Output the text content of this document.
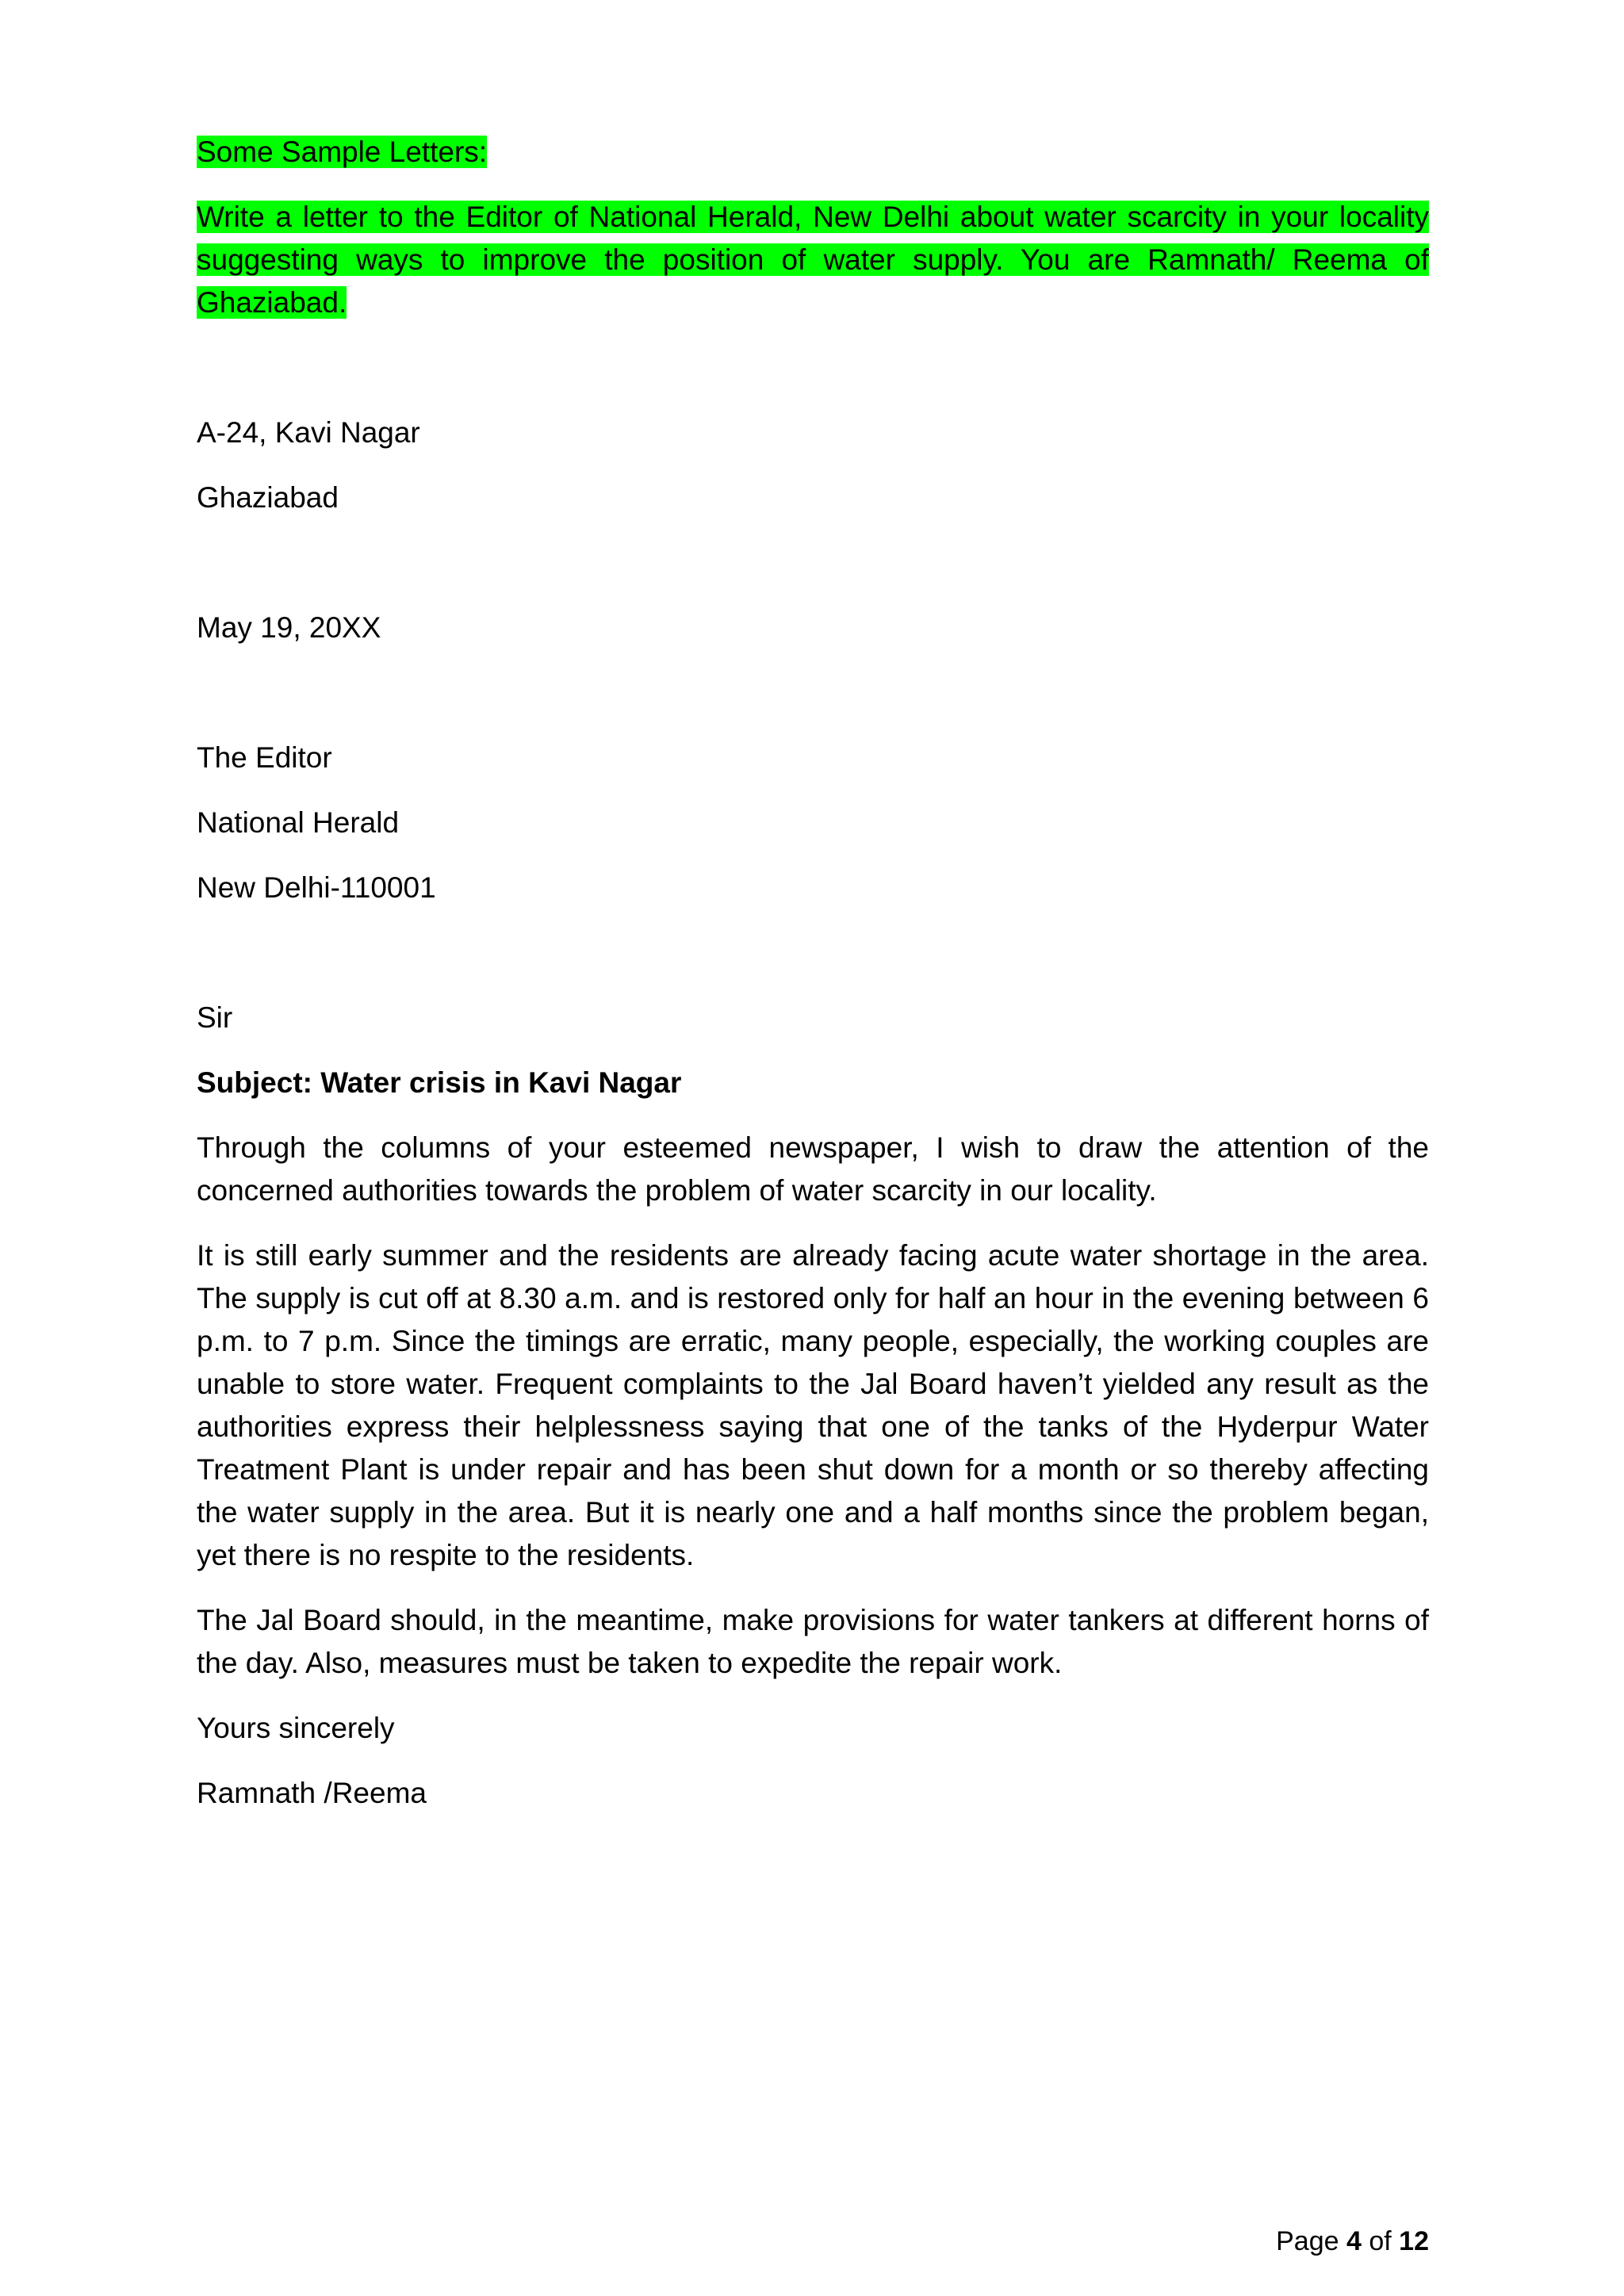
Some Sample Letters:

Write a letter to the Editor of National Herald, New Delhi about water scarcity in your locality suggesting ways to improve the position of water supply. You are Ramnath/ Reema of Ghaziabad.

A-24, Kavi Nagar

Ghaziabad

May 19, 20XX

The Editor

National Herald

New Delhi-110001

Sir

Subject: Water crisis in Kavi Nagar

Through the columns of your esteemed newspaper, I wish to draw the attention of the concerned authorities towards the problem of water scarcity in our locality.

It is still early summer and the residents are already facing acute water shortage in the area. The supply is cut off at 8.30 a.m. and is restored only for half an hour in the evening between 6 p.m. to 7 p.m. Since the timings are erratic, many people, especially, the working couples are unable to store water. Frequent complaints to the Jal Board haven’t yielded any result as the authorities express their helplessness saying that one of the tanks of the Hyderpur Water Treatment Plant is under repair and has been shut down for a month or so thereby affecting the water supply in the area. But it is nearly one and a half months since the problem began, yet there is no respite to the residents.

The Jal Board should, in the meantime, make provisions for water tankers at different horns of the day. Also, measures must be taken to expedite the repair work.

Yours sincerely

Ramnath /Reema

Page 4 of 12
